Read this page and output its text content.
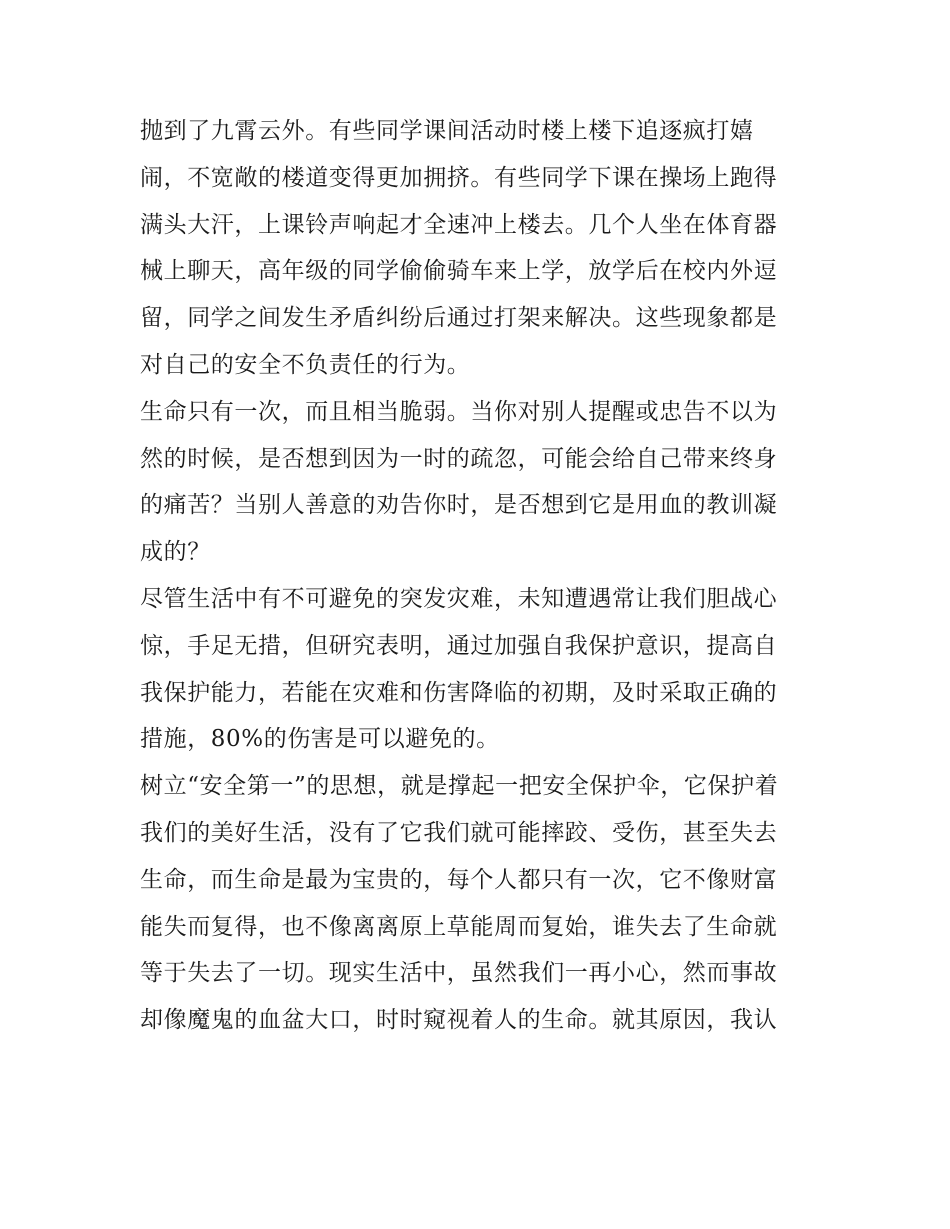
抛到了九霄云外。有些同学课间活动时楼上楼下追逐疯打嬉
闹，不宽敞的楼道变得更加拥挤。有些同学下课在操场上跑得
满头大汗，上课铃声响起才全速冲上楼去。几个人坐在体育器
械上聊天，高年级的同学偷偷骑车来上学，放学后在校内外逗
留，同学之间发生矛盾纠纷后通过打架来解决。这些现象都是
对自己的安全不负责任的行为。
生命只有一次，而且相当脆弱。当你对别人提醒或忠告不以为
然的时候，是否想到因为一时的疏忽，可能会给自己带来终身
的痛苦？当别人善意的劝告你时，是否想到它是用血的教训凝
成的？
尽管生活中有不可避免的突发灾难，未知遭遇常让我们胆战心
惊，手足无措，但研究表明，通过加强自我保护意识，提高自
我保护能力，若能在灾难和伤害降临的初期，及时采取正确的
措施，80%的伤害是可以避免的。
树立“安全第一”的思想，就是撑起一把安全保护伞，它保护着
我们的美好生活，没有了它我们就可能摔跤、受伤，甚至失去
生命，而生命是最为宝贵的，每个人都只有一次，它不像财富
能失而复得，也不像离离原上草能周而复始，谁失去了生命就
等于失去了一切。现实生活中，虽然我们一再小心，然而事故
却像魔鬼的血盆大口，时时窥视着人的生命。就其原因，我认
